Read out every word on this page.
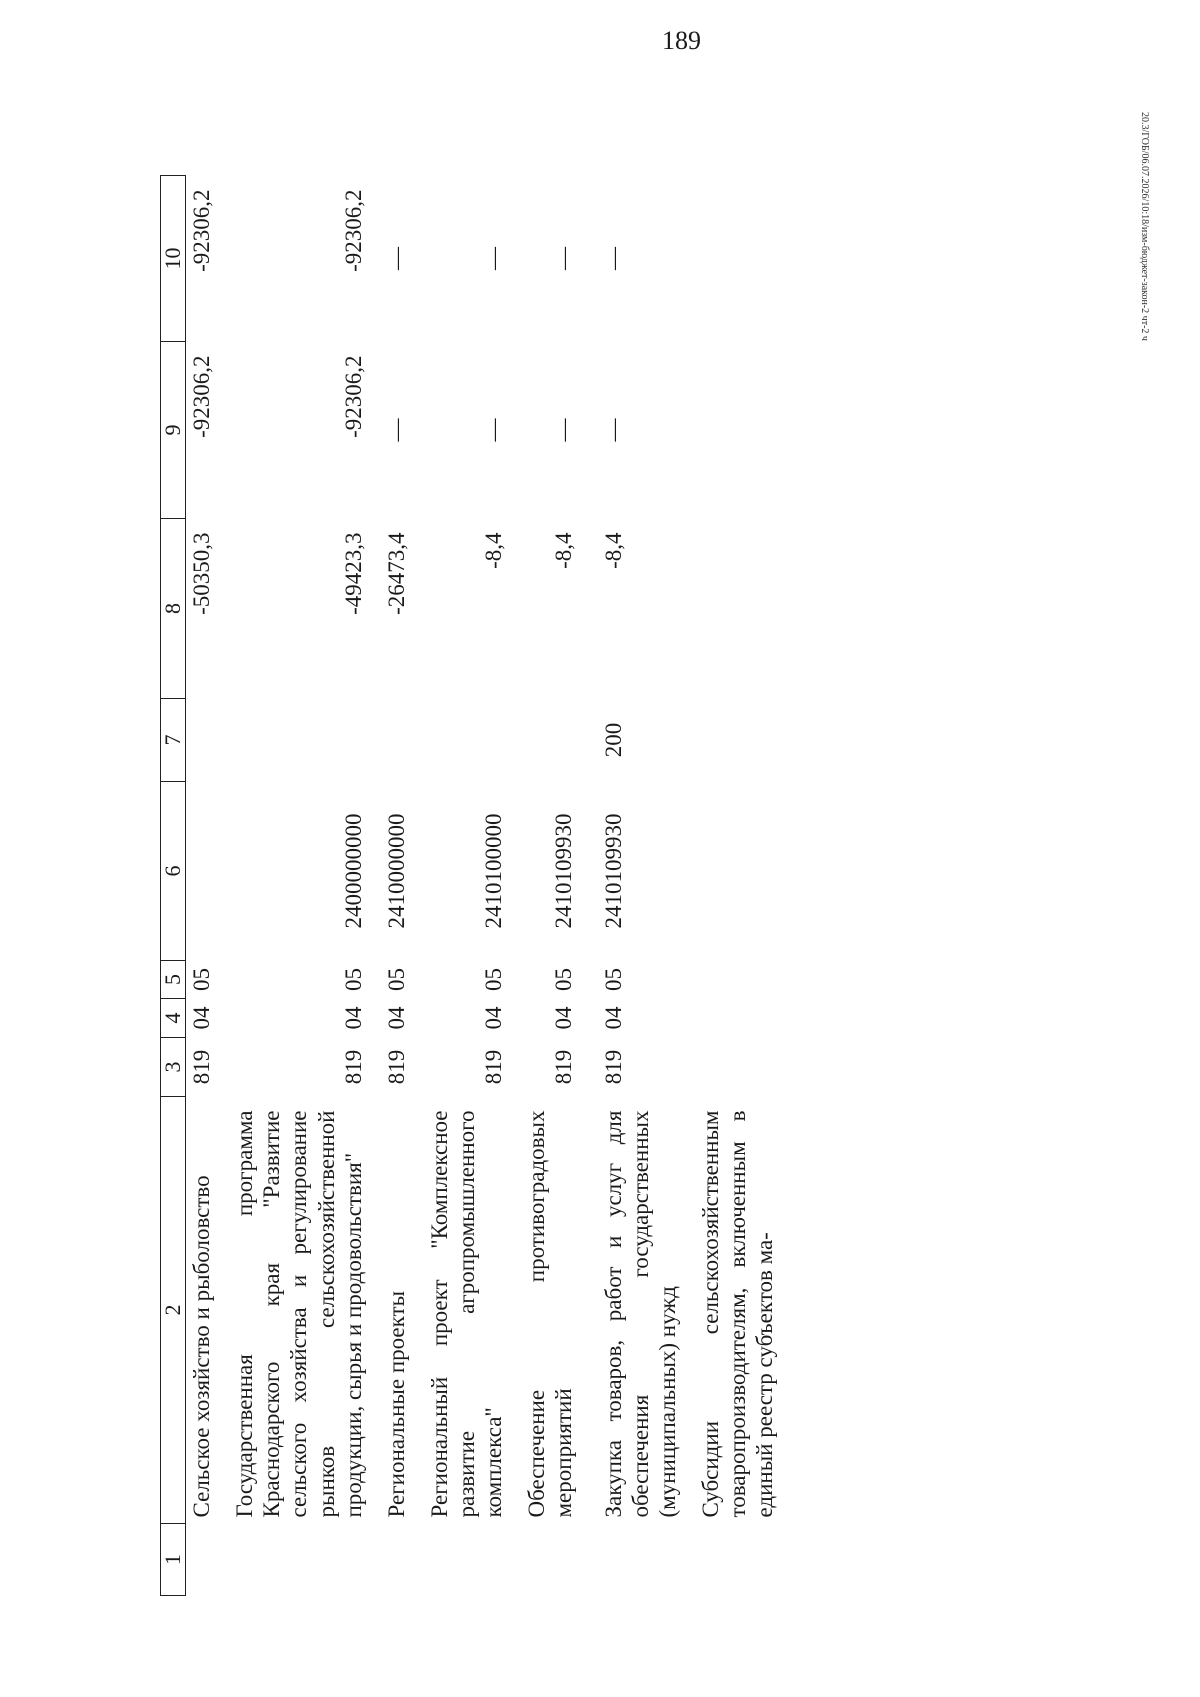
189
20.3/ГОБ/06.07.2026/10:18/изм-бюджет-закон-2 чт-2 ч
1	2	3	4	5	6	7	8	9	10
	Сельское хозяйство и рыболовство	819	04	05			-50350,3	-92306,2	-92306,2
	Государственная программа Краснодарского края "Развитие сельского хозяйства и регулирование рынков сельскохозяйственной продукции, сырья и продовольствия"	819	04	05	2400000000		-49423,3	-92306,2	-92306,2
	Региональные проекты	819	04	05	2410000000		-26473,4	—	—
	Региональный проект "Комплексное развитие агропромышленного комплекса"	819	04	05	2410100000		-8,4	—	—
	Обеспечение противоградовых мероприятий	819	04	05	2410109930		-8,4	—	—
	Закупка товаров, работ и услуг для обеспечения государственных (муниципальных) нужд	819	04	05	2410109930	200	-8,4	—	—
	Субсидии сельскохозяйственным товаропроизводителям, включенным в единый реестр субъектов ма-								
